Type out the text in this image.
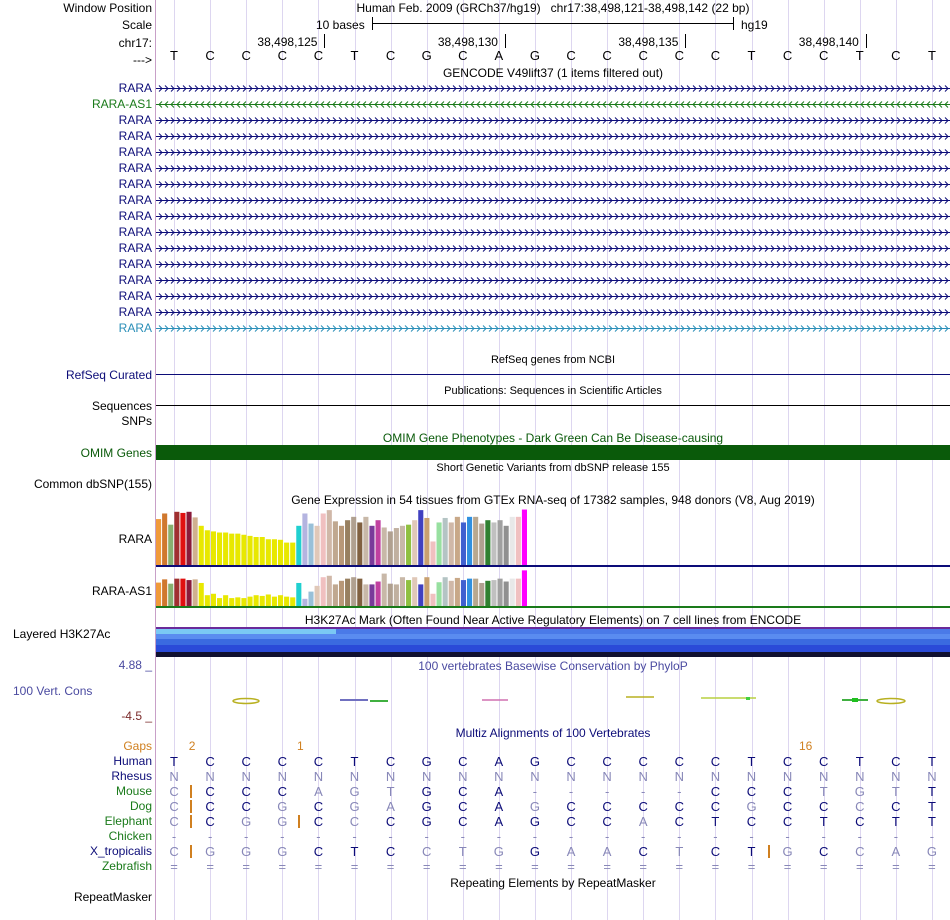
Window Position
Scale
chr17:
--->
RARA
RARA-AS1
RARA
RARA
RARA
RARA
RARA
RARA
RARA
RARA
RARA
RARA
RARA
RARA
RARA
RARA
RefSeq Curated
Sequences
SNPs
OMIM Genes
Common dbSNP(155)
RARA
RARA-AS1
Layered H3K27Ac
4.88 _
100 Vert. Cons
-4.5 _
Gaps
Human
Rhesus
Mouse
Dog
Elephant
Chicken
X_tropicalis
Zebrafish
RepeatMasker
Human Feb. 2009 (GRCh37/hg19) chr17:38,498,121-38,498,142 (22 bp)
10 bases	hg19
38,498,125	38,498,130	38,498,135	38,498,140
T	C	C	C	C	T	C	G	C	A	G	C	C	C	C	C	T	C	C	T	C	T
GENCODE V49lift37 (1 items filtered out)
RefSeq genes from NCBI
Publications: Sequences in Scientific Articles
OMIM Gene Phenotypes - Dark Green Can Be Disease-causing
Short Genetic Variants from dbSNP release 155
Gene Expression in 54 tissues from GTEx RNA-seq of 17382 samples, 948 donors (V8, Aug 2019)
H3K27Ac Mark (Often Found Near Active Regulatory Elements) on 7 cell lines from ENCODE
100 vertebrates Basewise Conservation by PhyloP
Multiz Alignments of 100 Vertebrates
2	1	16
T	C	C	C	C	T	C	G	C	A	G	C	C	C	C	C	T	C	C	T	C	T
N	N	N	N	N	N	N	N	N	N	N	N	N	N	N	N	N	N	N	N	N	N
C	C	C	C	A	G	T	G	C	A	-	-	-	-	-	C	C	C	T	G	T	T
C	C	C	G	C	G	A	G	C	A	G	C	C	C	C	C	G	C	C	C	C	T
C	C	G	G	C	C	C	G	C	A	G	C	C	A	C	T	C	C	T	C	T	T
-	-	-	-	-	-	-	-	-	-	-	-	-	-	-	-	-	-	-	-	-	-
C	G	G	G	C	T	C	C	T	G	G	A	A	C	T	C	T	G	C	C	A	G
=	=	=	=	=	=	=	=	=	=	=	=	=	=	=	=	=	=	=	=	=	=
Repeating Elements by RepeatMasker
